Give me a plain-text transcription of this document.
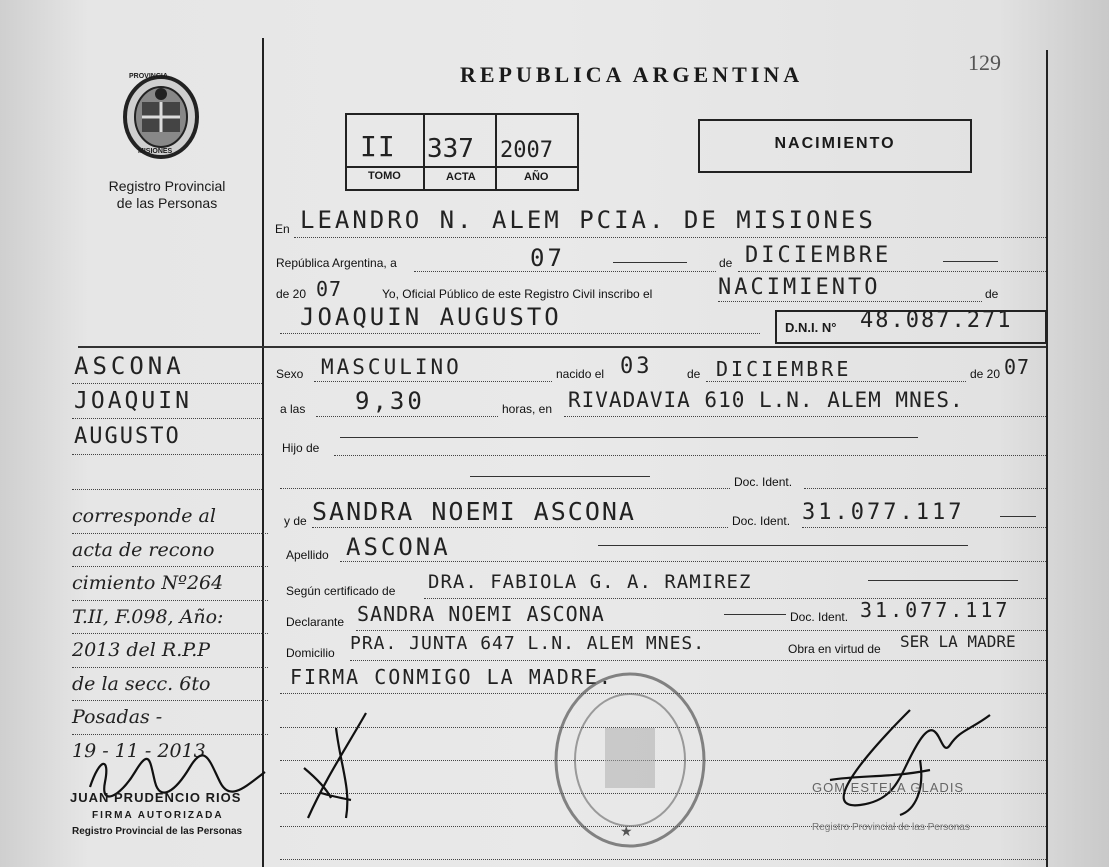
129
PROVINCIA
MISIONES
Registro Provincial
de las Personas
REPUBLICA ARGENTINA
II 337 2007
TOMO	ACTA	AÑO
NACIMIENTO
En LEANDRO N. ALEM PCIA. DE MISIONES
República Argentina, a	07	de DICIEMBRE
de 20 07	Yo, Oficial Público de este Registro Civil inscribo el	NACIMIENTO	de
JOAQUIN AUGUSTO	D.N.I. N° 48.087.271
Sexo MASCULINO	nacido el 03	de DICIEMBRE	de 20 07
a las 9,30	horas, en RIVADAVIA 610 L.N. ALEM MNES.
Hijo de
Doc. Ident.
y de SANDRA NOEMI ASCONA	Doc. Ident. 31.077.117
Apellido ASCONA
Según certificado de DRA. FABIOLA G. A. RAMIREZ
Declarante SANDRA NOEMI ASCONA	Doc. Ident. 31.077.117
Domicilio PRA. JUNTA 647 L.N. ALEM MNES.	Obra en virtud de SER LA MADRE
FIRMA CONMIGO LA MADRE.
ASCONA
JOAQUIN
AUGUSTO
corresponde al
acta de recono
cimiento Nº264
T.II, F.098, Año:
2013 del R.P.P
de la secc. 6to
Posadas -
19 - 11 - 2013
JUAN PRUDENCIO RIOS
FIRMA AUTORIZADA
Registro Provincial de las Personas	★
GOM ESTELA GLADIS
Registro Provincial de las Personas
